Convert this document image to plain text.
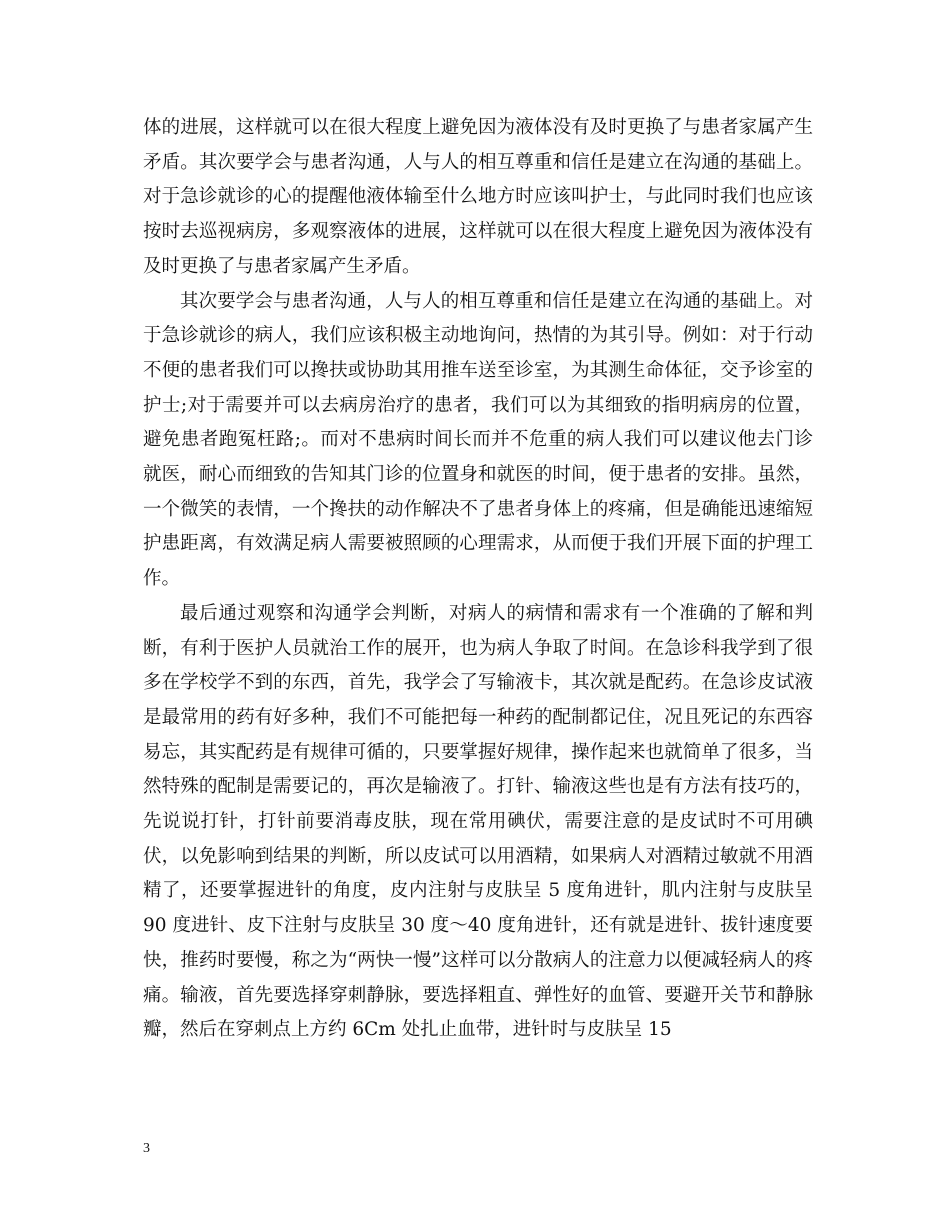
体的进展，这样就可以在很大程度上避免因为液体没有及时更换了与患者家属产生矛盾。其次要学会与患者沟通，人与人的相互尊重和信任是建立在沟通的基础上。对于急诊就诊的心的提醒他液体输至什么地方时应该叫护士，与此同时我们也应该按时去巡视病房，多观察液体的进展，这样就可以在很大程度上避免因为液体没有及时更换了与患者家属产生矛盾。

其次要学会与患者沟通，人与人的相互尊重和信任是建立在沟通的基础上。对于急诊就诊的病人，我们应该积极主动地询问，热情的为其引导。例如：对于行动不便的患者我们可以搀扶或协助其用推车送至诊室，为其测生命体征，交予诊室的护士;对于需要并可以去病房治疗的患者，我们可以为其细致的指明病房的位置，避免患者跑冤枉路;。而对不患病时间长而并不危重的病人我们可以建议他去门诊就医，耐心而细致的告知其门诊的位置身和就医的时间，便于患者的安排。虽然，一个微笑的表情，一个搀扶的动作解决不了患者身体上的疼痛，但是确能迅速缩短护患距离，有效满足病人需要被照顾的心理需求，从而便于我们开展下面的护理工作。

最后通过观察和沟通学会判断，对病人的病情和需求有一个准确的了解和判断，有利于医护人员就治工作的展开，也为病人争取了时间。在急诊科我学到了很多在学校学不到的东西，首先，我学会了写输液卡，其次就是配药。在急诊皮试液是最常用的药有好多种，我们不可能把每一种药的配制都记住，况且死记的东西容易忘，其实配药是有规律可循的，只要掌握好规律，操作起来也就简单了很多，当然特殊的配制是需要记的，再次是输液了。打针、输液这些也是有方法有技巧的，先说说打针，打针前要消毒皮肤，现在常用碘伏，需要注意的是皮试时不可用碘伏，以免影响到结果的判断，所以皮试可以用酒精，如果病人对酒精过敏就不用酒精了，还要掌握进针的角度，皮内注射与皮肤呈 5 度角进针，肌内注射与皮肤呈 90 度进针、皮下注射与皮肤呈 30 度～40 度角进针，还有就是进针、拔针速度要快，推药时要慢，称之为“两快一慢”这样可以分散病人的注意力以便减轻病人的疼痛。输液，首先要选择穿刺静脉，要选择粗直、弹性好的血管、要避开关节和静脉瓣，然后在穿刺点上方约 6Cm 处扎止血带，进针时与皮肤呈 15

3
